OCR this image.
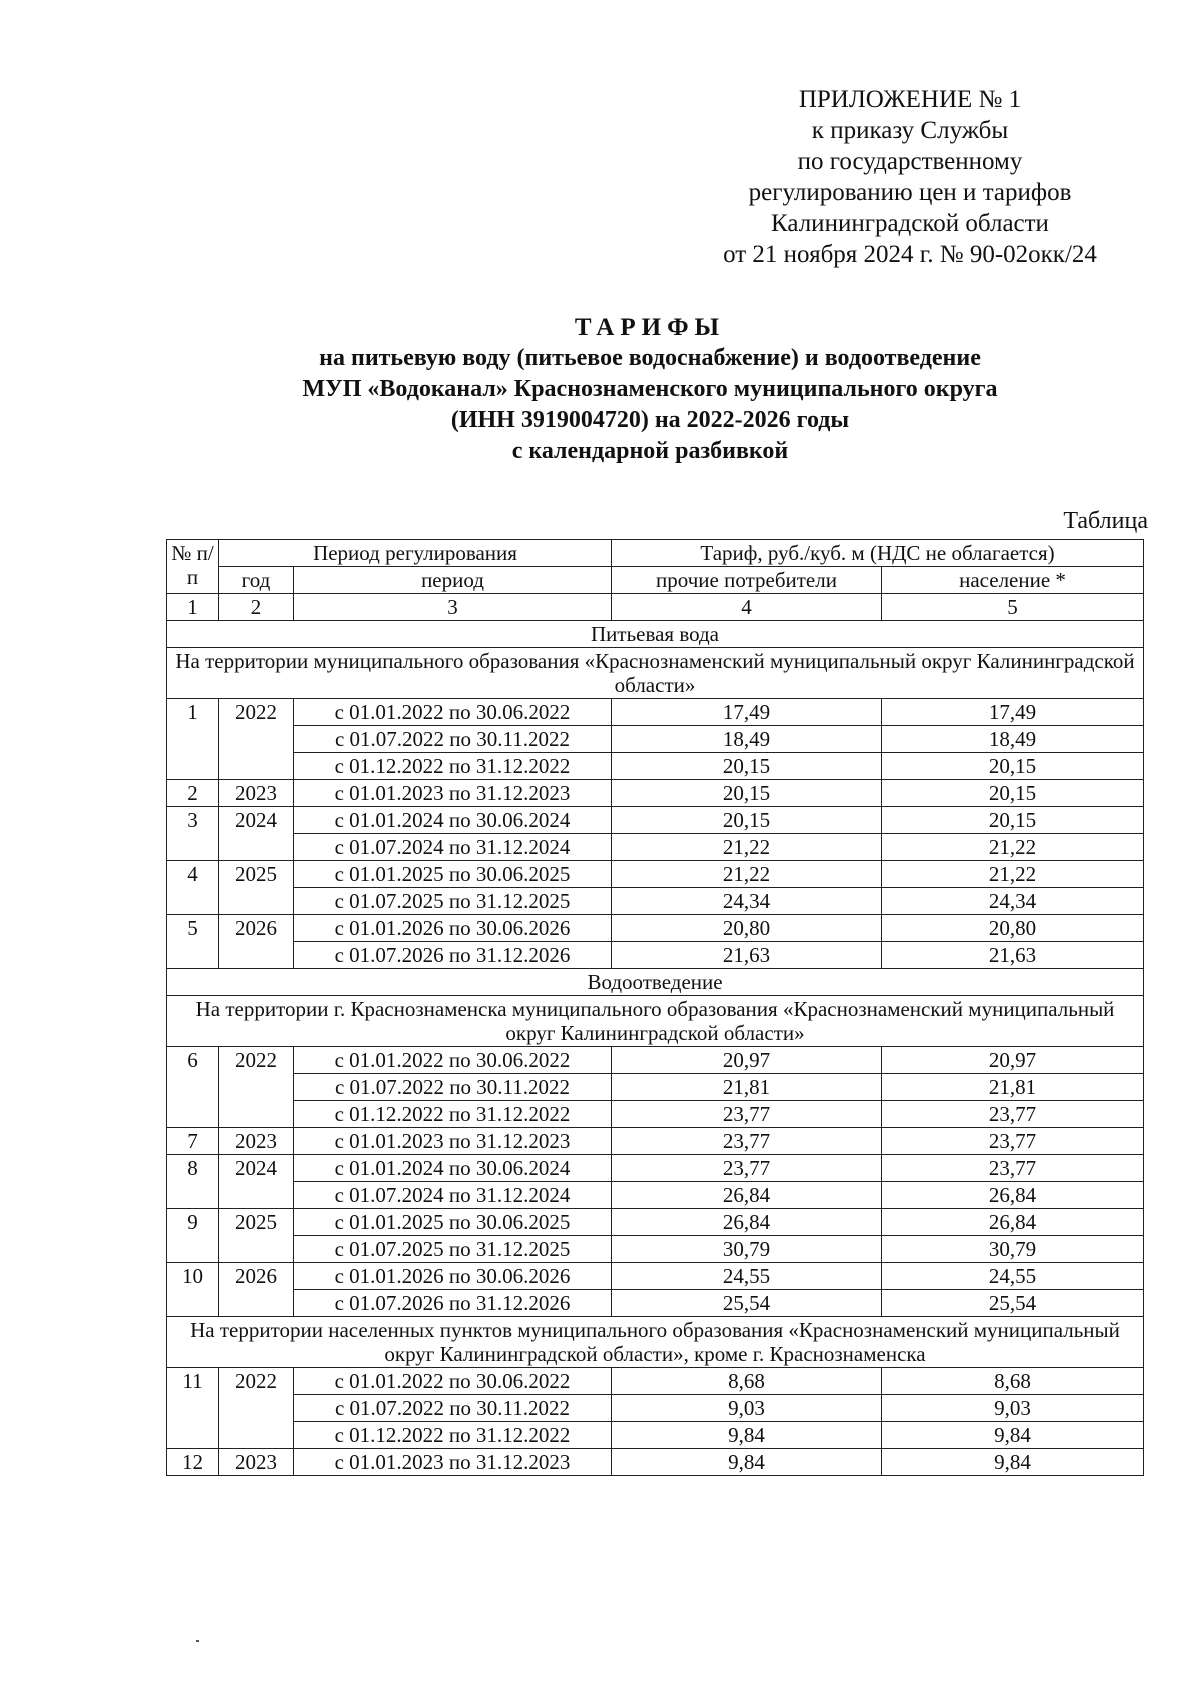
ПРИЛОЖЕНИЕ № 1
к приказу Службы
по государственному
регулированию цен и тарифов
Калининградской области
от 21 ноября 2024 г. № 90-02окк/24
ТАРИФЫ
на питьевую воду (питьевое водоснабжение) и водоотведение
МУП «Водоканал» Краснознаменского муниципального округа
(ИНН 3919004720) на 2022-2026 годы
с календарной разбивкой
Таблица
№ п/п	Период регулирования		Тариф, руб./куб. м (НДС не облагается)	
	год	период	прочие потребители	население *
1	2	3	4	5
Питьевая вода				
На территории муниципального образования «Краснознаменский муниципальный округ Калининградской области»				
1	2022	с 01.01.2022 по 30.06.2022	17,49	17,49
		с 01.07.2022 по 30.11.2022	18,49	18,49
		с 01.12.2022 по 31.12.2022	20,15	20,15
2	2023	с 01.01.2023 по 31.12.2023	20,15	20,15
3	2024	с 01.01.2024 по 30.06.2024	20,15	20,15
		с 01.07.2024 по 31.12.2024	21,22	21,22
4	2025	с 01.01.2025 по 30.06.2025	21,22	21,22
		с 01.07.2025 по 31.12.2025	24,34	24,34
5	2026	с 01.01.2026 по 30.06.2026	20,80	20,80
		с 01.07.2026 по 31.12.2026	21,63	21,63
Водоотведение				
На территории г. Краснознаменска муниципального образования «Краснознаменский муниципальный округ Калининградской области»				
6	2022	с 01.01.2022 по 30.06.2022	20,97	20,97
		с 01.07.2022 по 30.11.2022	21,81	21,81
		с 01.12.2022 по 31.12.2022	23,77	23,77
7	2023	с 01.01.2023 по 31.12.2023	23,77	23,77
8	2024	с 01.01.2024 по 30.06.2024	23,77	23,77
		с 01.07.2024 по 31.12.2024	26,84	26,84
9	2025	с 01.01.2025 по 30.06.2025	26,84	26,84
		с 01.07.2025 по 31.12.2025	30,79	30,79
10	2026	с 01.01.2026 по 30.06.2026	24,55	24,55
		с 01.07.2026 по 31.12.2026	25,54	25,54
На территории населенных пунктов муниципального образования «Краснознаменский муниципальный округ Калининградской области», кроме г. Краснознаменска				
11	2022	с 01.01.2022 по 30.06.2022	8,68	8,68
		с 01.07.2022 по 30.11.2022	9,03	9,03
		с 01.12.2022 по 31.12.2022	9,84	9,84
12	2023	с 01.01.2023 по 31.12.2023	9,84	9,84
